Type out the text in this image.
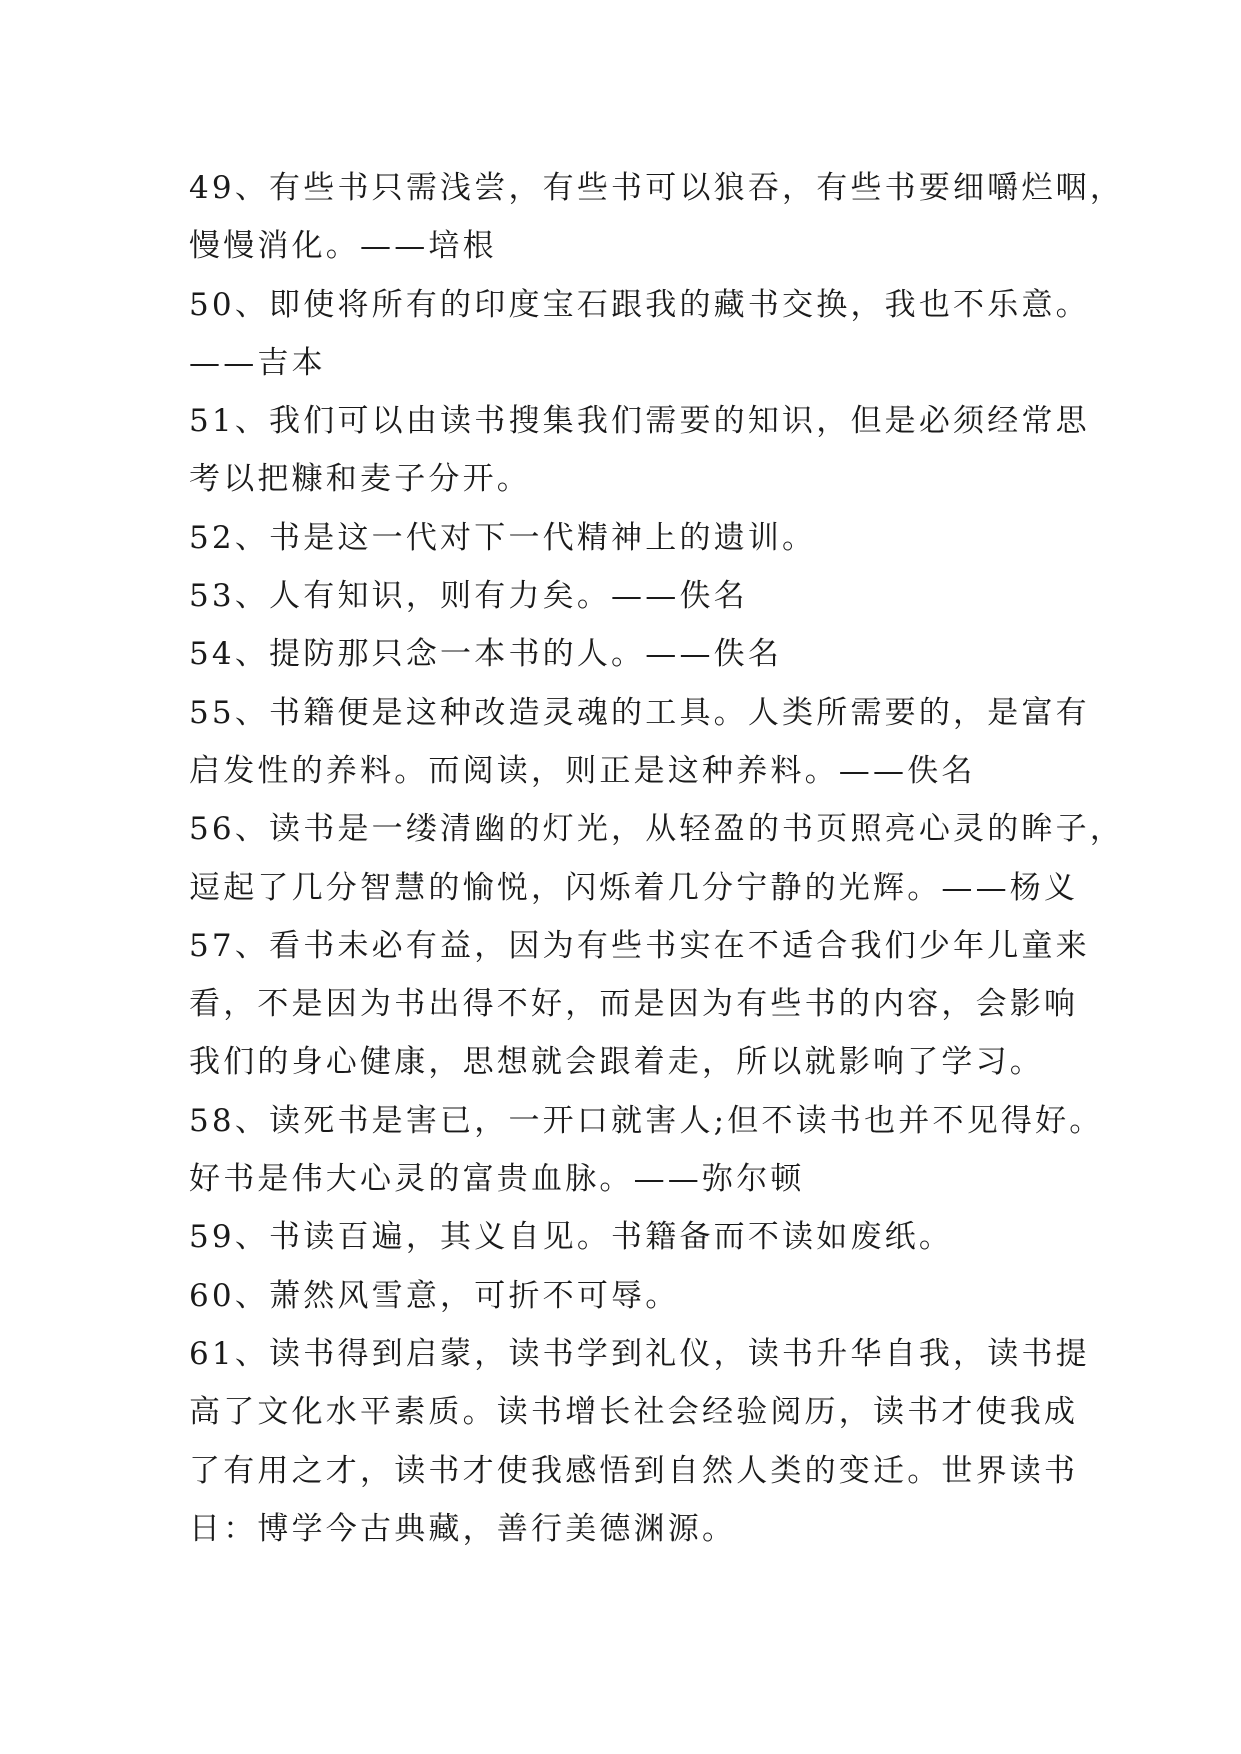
49、有些书只需浅尝，有些书可以狼吞，有些书要细嚼烂咽，
慢慢消化。——培根
50、即使将所有的印度宝石跟我的藏书交换，我也不乐意。
——吉本
51、我们可以由读书搜集我们需要的知识，但是必须经常思
考以把糠和麦子分开。
52、书是这一代对下一代精神上的遗训。
53、人有知识，则有力矣。——佚名
54、提防那只念一本书的人。——佚名
55、书籍便是这种改造灵魂的工具。人类所需要的，是富有
启发性的养料。而阅读，则正是这种养料。——佚名
56、读书是一缕清幽的灯光，从轻盈的书页照亮心灵的眸子，
逗起了几分智慧的愉悦，闪烁着几分宁静的光辉。——杨义
57、看书未必有益，因为有些书实在不适合我们少年儿童来
看，不是因为书出得不好，而是因为有些书的内容，会影响
我们的身心健康，思想就会跟着走，所以就影响了学习。
58、读死书是害已，一开口就害人;但不读书也并不见得好。
好书是伟大心灵的富贵血脉。——弥尔顿
59、书读百遍，其义自见。书籍备而不读如废纸。
60、萧然风雪意，可折不可辱。
61、读书得到启蒙，读书学到礼仪，读书升华自我，读书提
高了文化水平素质。读书增长社会经验阅历，读书才使我成
了有用之才，读书才使我感悟到自然人类的变迁。世界读书
日：博学今古典藏，善行美德渊源。
